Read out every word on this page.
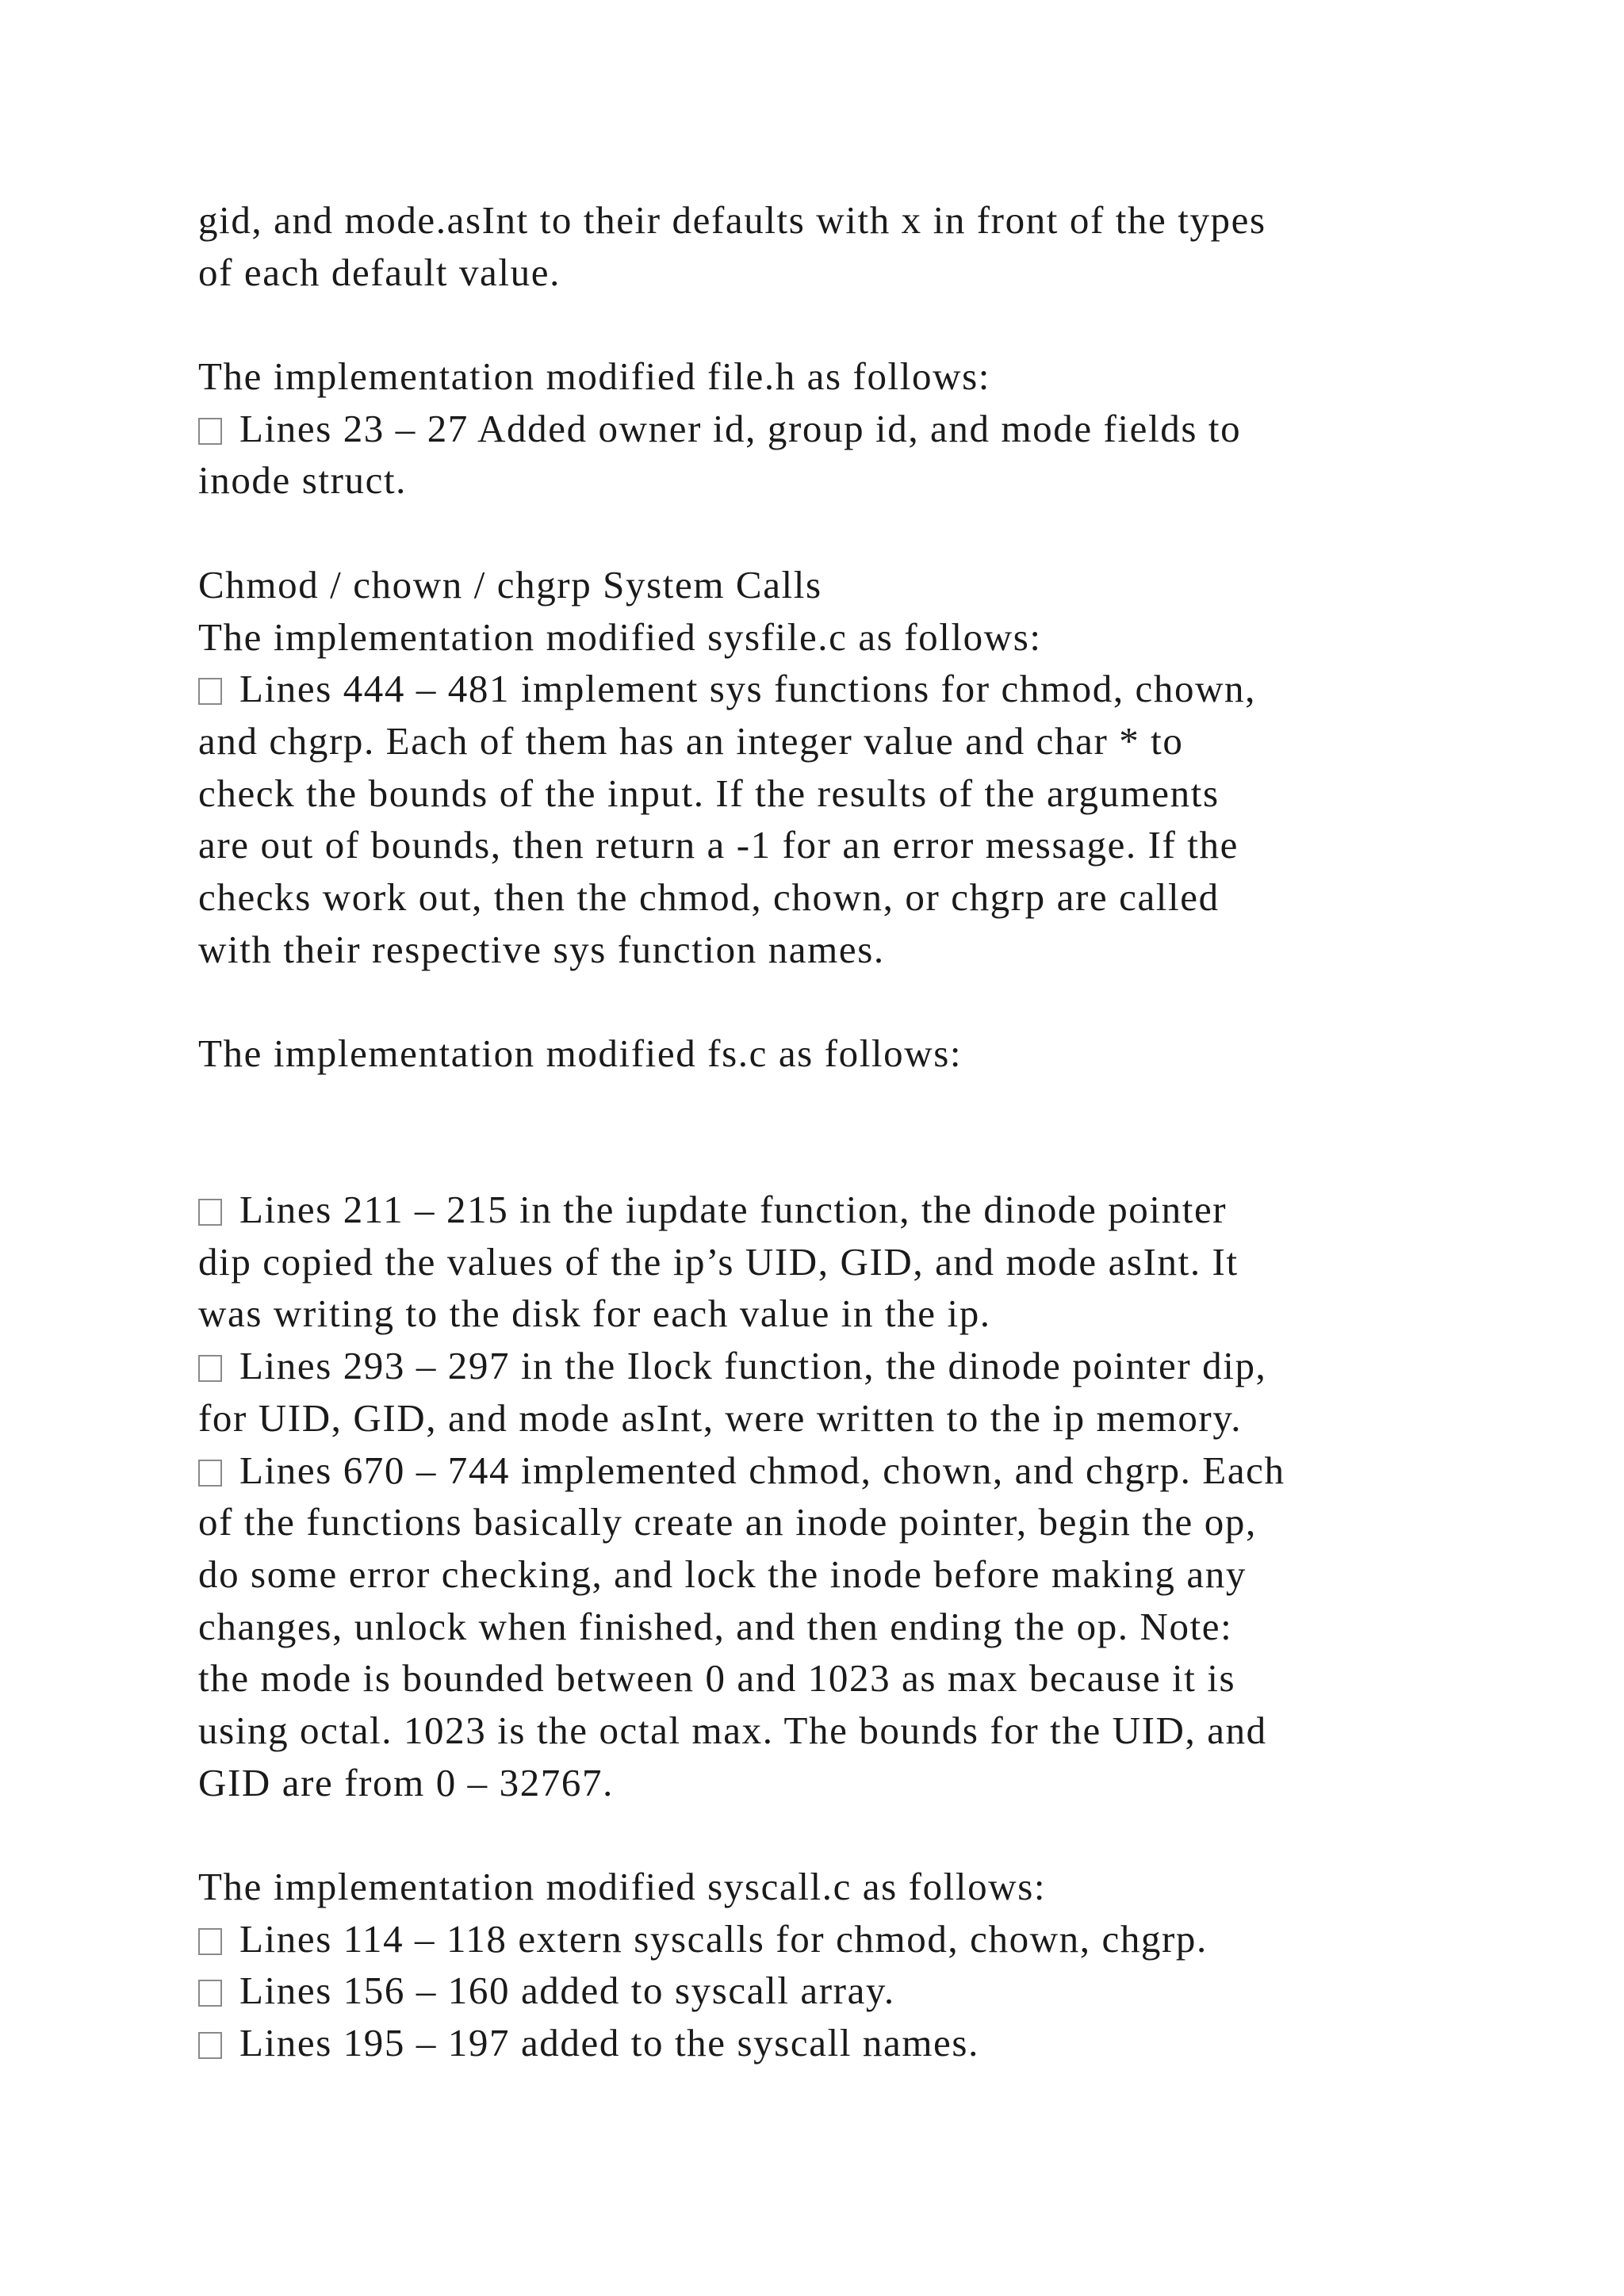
gid, and mode.asInt to their defaults with x in front of the types
of each default value.
The implementation modified file.h as follows:
Lines 23 – 27 Added owner id, group id, and mode fields to
inode struct.
Chmod / chown / chgrp System Calls
The implementation modified sysfile.c as follows:
Lines 444 – 481 implement sys functions for chmod, chown,
and chgrp. Each of them has an integer value and char * to
check the bounds of the input. If the results of the arguments
are out of bounds, then return a -1 for an error message. If the
checks work out, then the chmod, chown, or chgrp are called
with their respective sys function names.
The implementation modified fs.c as follows:
Lines 211 – 215 in the iupdate function, the dinode pointer
dip copied the values of the ip’s UID, GID, and mode asInt. It
was writing to the disk for each value in the ip.
Lines 293 – 297 in the Ilock function, the dinode pointer dip,
for UID, GID, and mode asInt, were written to the ip memory.
Lines 670 – 744 implemented chmod, chown, and chgrp. Each
of the functions basically create an inode pointer, begin the op,
do some error checking, and lock the inode before making any
changes, unlock when finished, and then ending the op. Note:
the mode is bounded between 0 and 1023 as max because it is
using octal. 1023 is the octal max. The bounds for the UID, and
GID are from 0 – 32767.
The implementation modified syscall.c as follows:
Lines 114 – 118 extern syscalls for chmod, chown, chgrp.
Lines 156 – 160 added to syscall array.
Lines 195 – 197 added to the syscall names.
